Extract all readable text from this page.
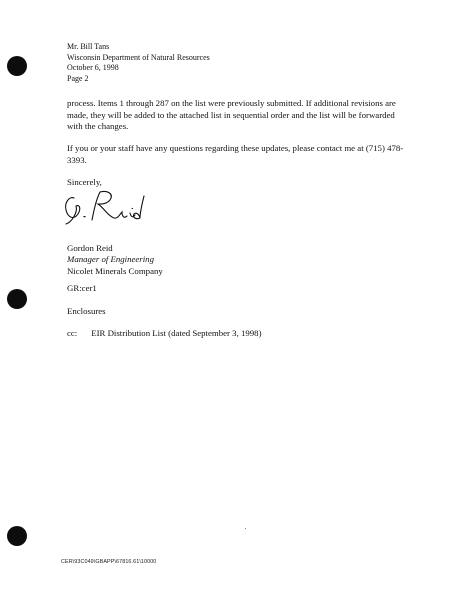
Mr. Bill Tans
Wisconsin Department of Natural Resources
October 6, 1998
Page 2

process. Items 1 through 287 on the list were previously submitted. If additional revisions are made, they will be added to the attached list in sequential order and the list will be forwarded with the changes.

If you or your staff have any questions regarding these updates, please contact me at (715) 478-3393.

Sincerely,
Gordon Reid
Manager of Engineering
Nicolet Minerals Company
GR:cer1
Enclosures
cc: EIR Distribution List (dated September 3, 1998)
CER\93C049\GBAPP\67816.61\10000
